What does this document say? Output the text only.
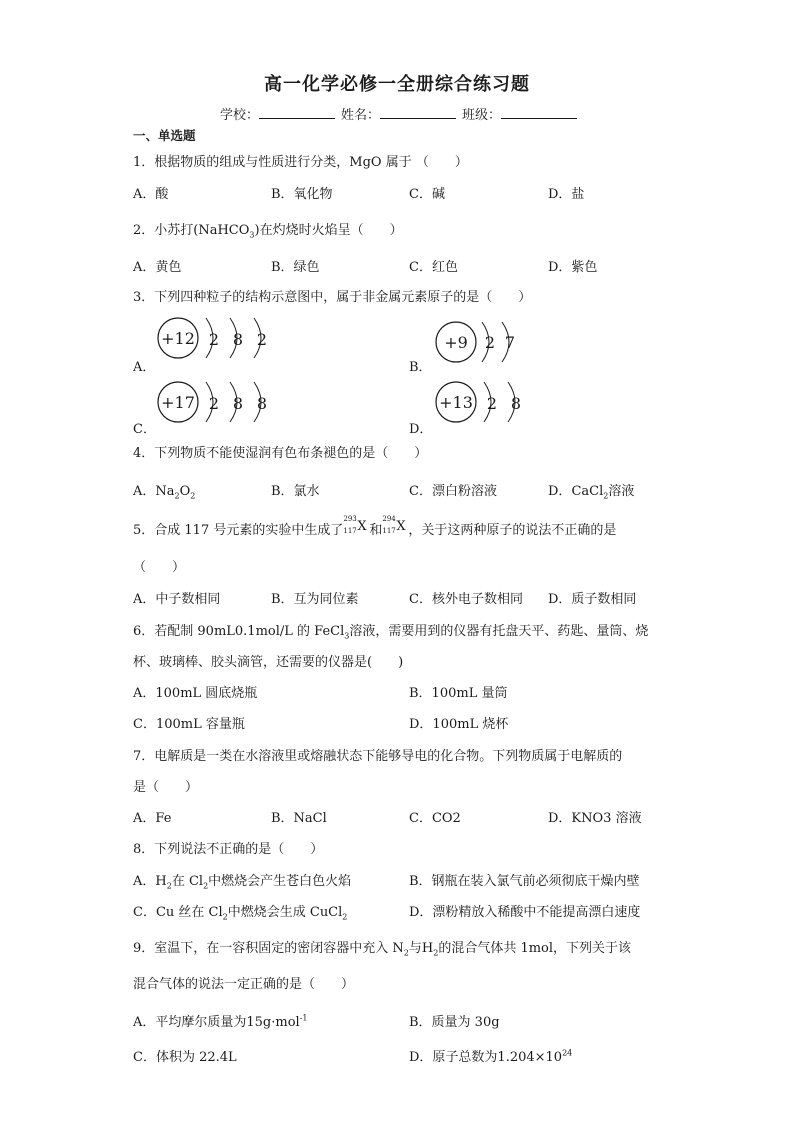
高一化学必修一全册综合练习题
学校：	姓名：	班级：
一、单选题
1．根据物质的组成与性质进行分类，MgO 属于 （　　）
A．酸	B．氧化物	C．碱	D．盐
2．小苏打(NaHCO$_3$)在灼烧时火焰呈（　　）
A．黄色	B．绿色	C．红色	D．紫色
3．下列四种粒子的结构示意图中，属于非金属元素原子的是（　　）
A．	B．
C．	D．
+12 2 8 2	+9 2 7
+17 2 8 8	+13 2 8
4．下列物质不能使湿润有色布条褪色的是（　　）
A．$Na_2O_2$	B．氯水	C．漂白粉溶液	D．CaCl$_2$溶液
5．合成 117 号元素的实验中生成了
293
117 X 和
294
117 X ，关于这两种原子的说法不正确的是
（　　）
A．中子数相同	B．互为同位素	C．核外电子数相同 D．质子数相同
6．若配制 90mL0.1mol/L 的 FeCl$_3$溶液，需要用到的仪器有托盘天平、药匙、量筒、烧
杯、玻璃棒、胶头滴管，还需要的仪器是(　　)
A．100mL 圆底烧瓶	B．100mL 量筒
C．100mL 容量瓶	D．100mL 烧杯
7．电解质是一类在水溶液里或熔融状态下能够导电的化合物。下列物质属于电解质的
是（　　）
A．Fe	B．NaCl	C．CO2	D．KNO3 溶液
8．下列说法不正确的是（　　）
A．$H_2$在 $Cl_2$中燃烧会产生苍白色火焰	B．钢瓶在装入氯气前必须彻底干燥内壁
C．Cu 丝在 $Cl_2$中燃烧会生成 CuCl$_2$	D．漂粉精放入稀酸中不能提高漂白速度
9．室温下，在一容积固定的密闭容器中充入 $N_2$与$H_2$的混合气体共 1mol，下列关于该
混合气体的说法一定正确的是（　　）
A．平均摩尔质量为15g·mol$^{-1}$	B．质量为 30g
C．体积为 22.4L	D．原子总数为$1.204\times 10^{24}$
